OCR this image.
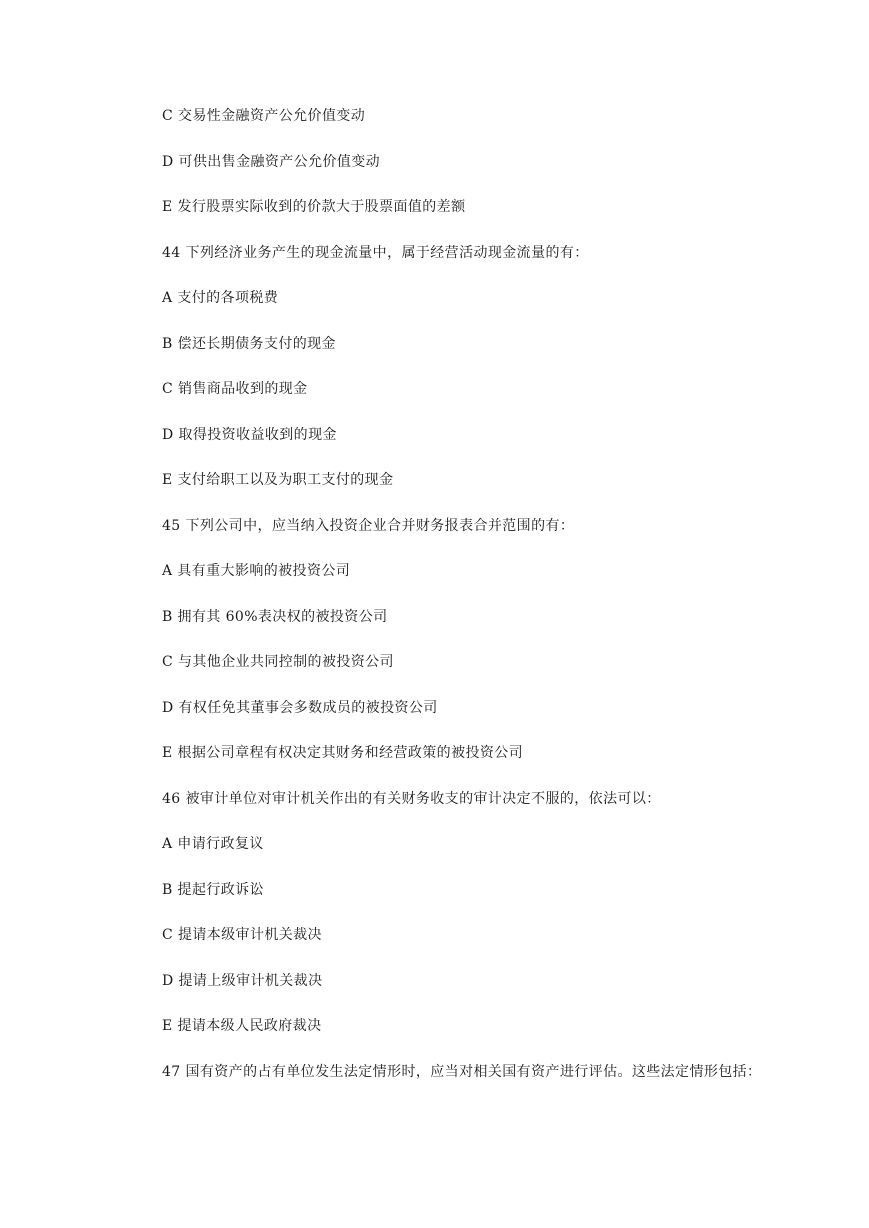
C 交易性金融资产公允价值变动
D 可供出售金融资产公允价值变动
E 发行股票实际收到的价款大于股票面值的差额
44 下列经济业务产生的现金流量中，属于经营活动现金流量的有：
A 支付的各项税费
B 偿还长期债务支付的现金
C 销售商品收到的现金
D 取得投资收益收到的现金
E 支付给职工以及为职工支付的现金
45 下列公司中，应当纳入投资企业合并财务报表合并范围的有：
A 具有重大影响的被投资公司
B 拥有其 60%表决权的被投资公司
C 与其他企业共同控制的被投资公司
D 有权任免其董事会多数成员的被投资公司
E 根据公司章程有权决定其财务和经营政策的被投资公司
46 被审计单位对审计机关作出的有关财务收支的审计决定不服的，依法可以：
A 申请行政复议
B 提起行政诉讼
C 提请本级审计机关裁决
D 提请上级审计机关裁决
E 提请本级人民政府裁决
47 国有资产的占有单位发生法定情形时，应当对相关国有资产进行评估。这些法定情形包括：
